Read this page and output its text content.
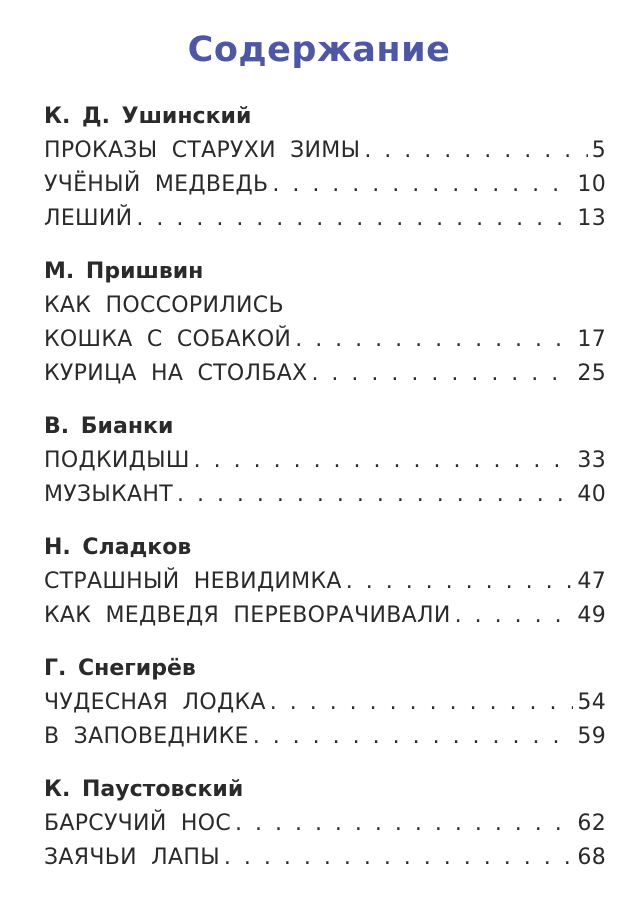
Содержание
К. Д. Ушинский
ПРОКАЗЫ СТАРУХИ ЗИМЫ . . .	5
УЧЁНЫЙ МЕДВЕДЬ . . .	10
ЛЕШИЙ . . .	13
М. Пришвин
КАК ПОССОРИЛИСЬ
КОШКА С СОБАКОЙ . . .	17
КУРИЦА НА СТОЛБАХ . . .	25
В. Бианки
ПОДКИДЫШ . . .	33
МУЗЫКАНТ . . .	40
Н. Сладков
СТРАШНЫЙ НЕВИДИМКА . . .	47
КАК МЕДВЕДЯ ПЕРЕВОРАЧИВАЛИ . . .	49
Г. Снегирёв
ЧУДЕСНАЯ ЛОДКА . . .	54
В ЗАПОВЕДНИКЕ . . .	59
К. Паустовский
БАРСУЧИЙ НОС . . .	62
ЗАЯЧЬИ ЛАПЫ . . .	68
